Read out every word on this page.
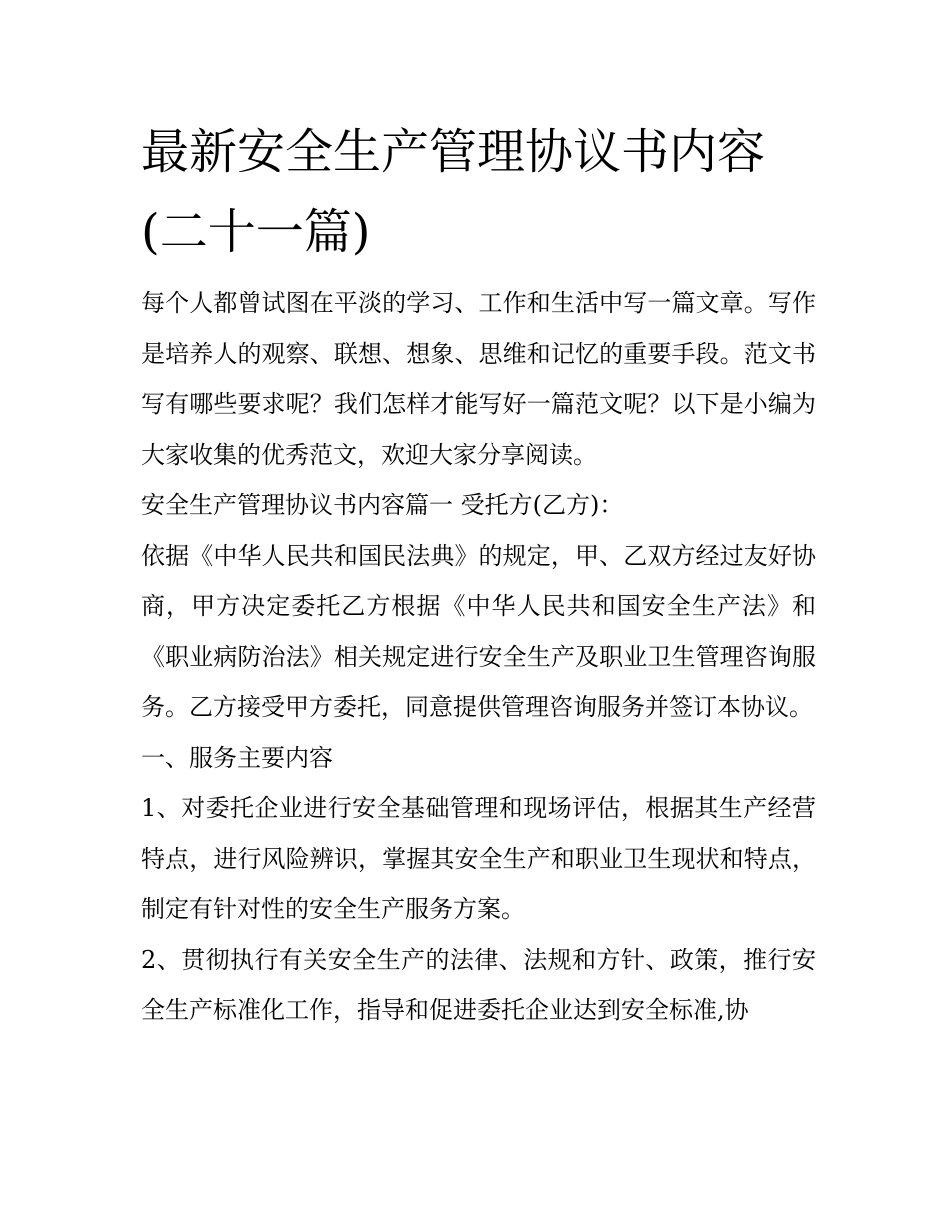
最新安全生产管理协议书内容
(二十一篇)

每个人都曾试图在平淡的学习、工作和生活中写一篇文章。写作是培养人的观察、联想、想象、思维和记忆的重要手段。范文书写有哪些要求呢？我们怎样才能写好一篇范文呢？以下是小编为大家收集的优秀范文，欢迎大家分享阅读。

安全生产管理协议书内容篇一 受托方(乙方)：

依据《中华人民共和国民法典》的规定，甲、乙双方经过友好协商，甲方决定委托乙方根据《中华人民共和国安全生产法》和《职业病防治法》相关规定进行安全生产及职业卫生管理咨询服务。乙方接受甲方委托，同意提供管理咨询服务并签订本协议。

一、服务主要内容

1、对委托企业进行安全基础管理和现场评估，根据其生产经营特点，进行风险辨识，掌握其安全生产和职业卫生现状和特点，制定有针对性的安全生产服务方案。

2、贯彻执行有关安全生产的法律、法规和方针、政策，推行安全生产标准化工作，指导和促进委托企业达到安全标准,协
